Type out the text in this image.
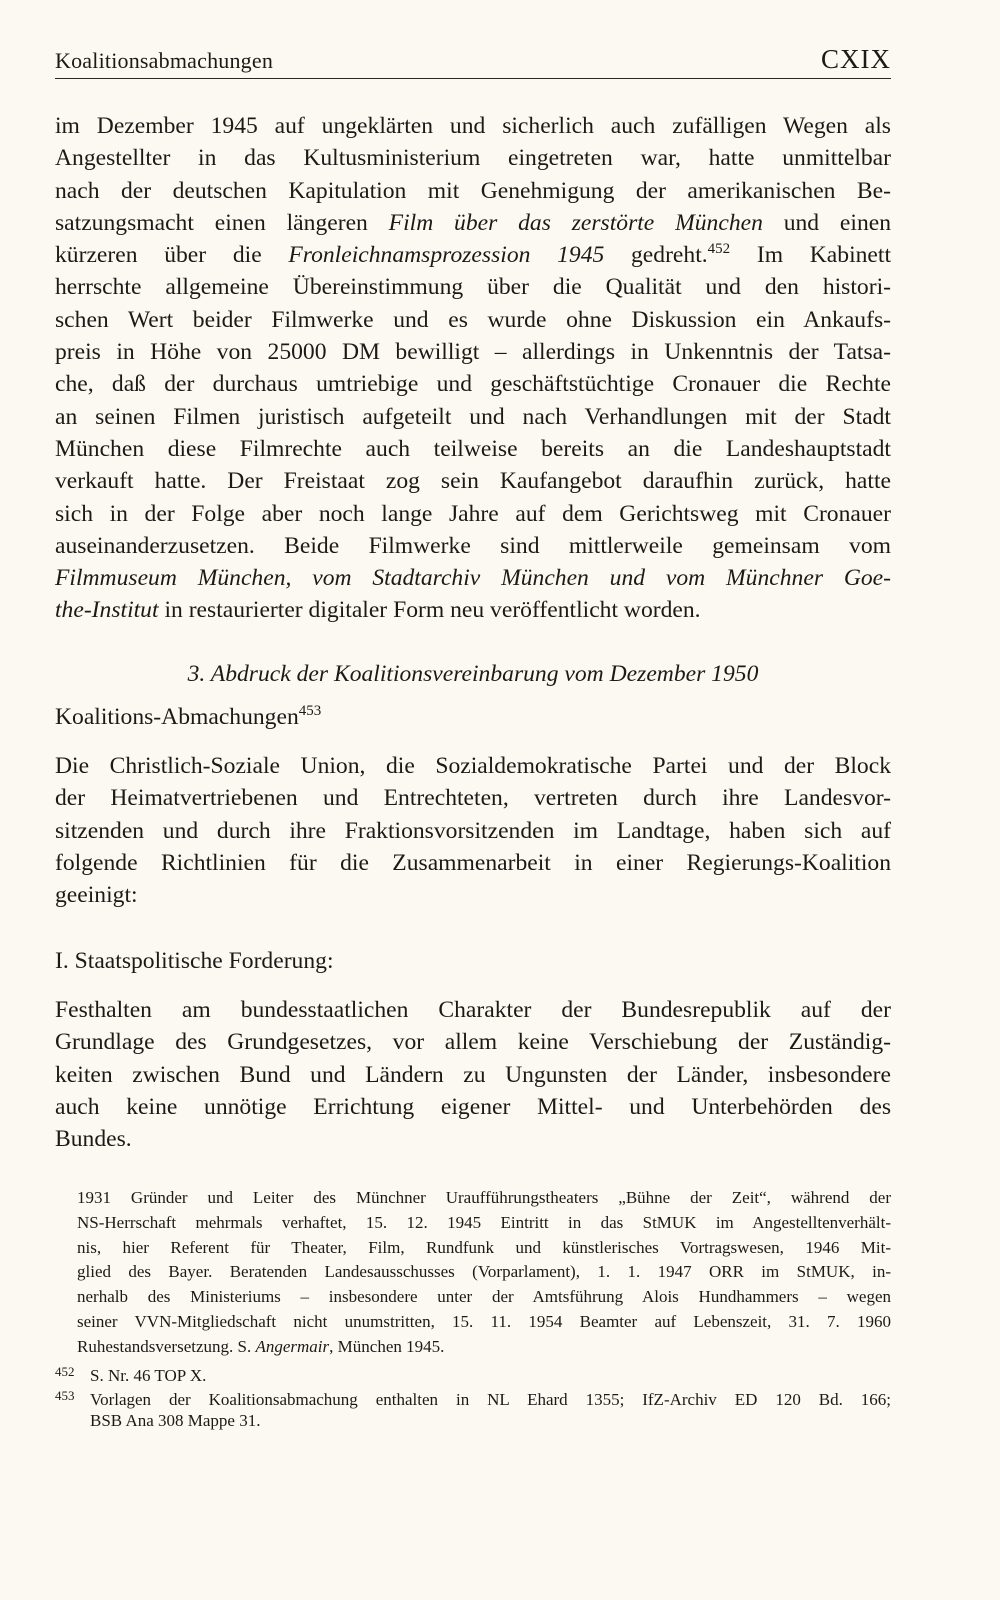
Koalitionsabmachungen	CXIX
im Dezember 1945 auf ungeklärten und sicherlich auch zufälligen Wegen als
Angestellter in das Kultusministerium eingetreten war, hatte unmittelbar
nach der deutschen Kapitulation mit Genehmigung der amerikanischen Be-
satzungsmacht einen längeren Film über das zerstörte München und einen
kürzeren über die Fronleichnamsprozession 1945 gedreht.$^{452}$ Im Kabinett
herrschte allgemeine Übereinstimmung über die Qualität und den histori-
schen Wert beider Filmwerke und es wurde ohne Diskussion ein Ankaufs-
preis in Höhe von 25000 DM bewilligt – allerdings in Unkenntnis der Tatsa-
che, daß der durchaus umtriebige und geschäftstüchtige Cronauer die Rechte
an seinen Filmen juristisch aufgeteilt und nach Verhandlungen mit der Stadt
München diese Filmrechte auch teilweise bereits an die Landeshauptstadt
verkauft hatte. Der Freistaat zog sein Kaufangebot daraufhin zurück, hatte
sich in der Folge aber noch lange Jahre auf dem Gerichtsweg mit Cronauer
auseinanderzusetzen. Beide Filmwerke sind mittlerweile gemeinsam vom
Filmmuseum München, vom Stadtarchiv München und vom Münchner Goe-
the-Institut in restaurierter digitaler Form neu veröffentlicht worden.
3. Abdruck der Koalitionsvereinbarung vom Dezember 1950
Koalitions-Abmachungen$^{453}$
Die Christlich-Soziale Union, die Sozialdemokratische Partei und der Block
der Heimatvertriebenen und Entrechteten, vertreten durch ihre Landesvor-
sitzenden und durch ihre Fraktionsvorsitzenden im Landtage, haben sich auf
folgende Richtlinien für die Zusammenarbeit in einer Regierungs-Koalition
geeinigt:
I. Staatspolitische Forderung:
Festhalten am bundesstaatlichen Charakter der Bundesrepublik auf der
Grundlage des Grundgesetzes, vor allem keine Verschiebung der Zuständig-
keiten zwischen Bund und Ländern zu Ungunsten der Länder, insbesondere
auch keine unnötige Errichtung eigener Mittel- und Unterbehörden des
Bundes.
1931 Gründer und Leiter des Münchner Uraufführungstheaters „Bühne der Zeit“, während der
NS-Herrschaft mehrmals verhaftet, 15. 12. 1945 Eintritt in das StMUK im Angestelltenverhält-
nis, hier Referent für Theater, Film, Rundfunk und künstlerisches Vortragswesen, 1946 Mit-
glied des Bayer. Beratenden Landesausschusses (Vorparlament), 1. 1. 1947 ORR im StMUK, in-
nerhalb des Ministeriums – insbesondere unter der Amtsführung Alois Hundhammers – wegen
seiner VVN-Mitgliedschaft nicht unumstritten, 15. 11. 1954 Beamter auf Lebenszeit, 31. 7. 1960
Ruhestandsversetzung. S. Angermair, München 1945.
452 S. Nr. 46 TOP X.
453 Vorlagen der Koalitionsabmachung enthalten in NL Ehard 1355; IfZ-Archiv ED 120 Bd. 166;
BSB Ana 308 Mappe 31.
